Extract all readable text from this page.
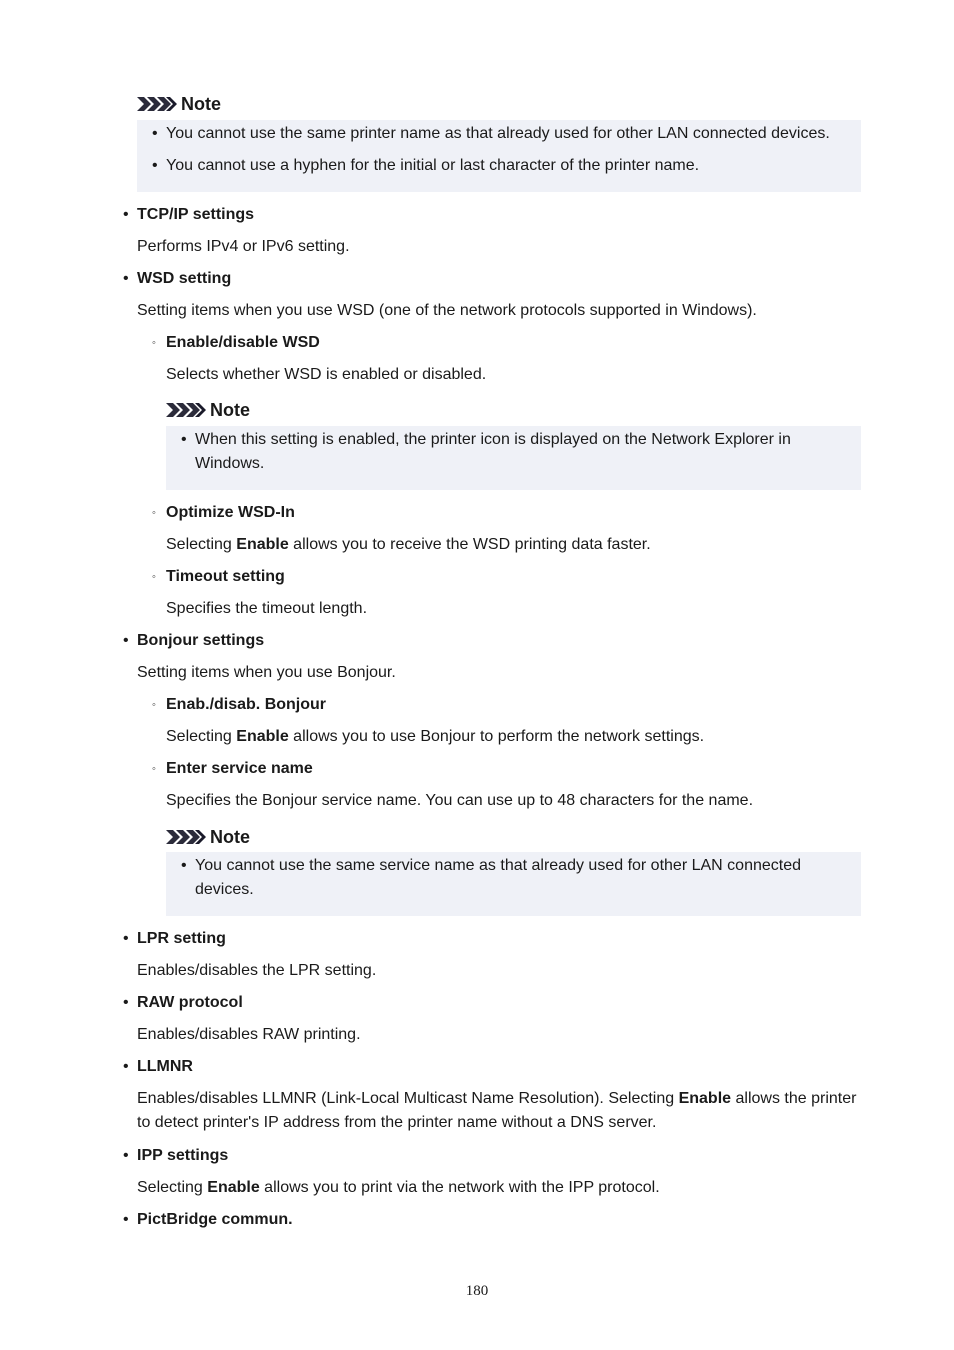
Note
• You cannot use the same printer name as that already used for other LAN connected devices.
• You cannot use a hyphen for the initial or last character of the printer name.
• TCP/IP settings
Performs IPv4 or IPv6 setting.
• WSD setting
Setting items when you use WSD (one of the network protocols supported in Windows).
◦ Enable/disable WSD
Selects whether WSD is enabled or disabled.
Note
• When this setting is enabled, the printer icon is displayed on the Network Explorer in Windows.
◦ Optimize WSD-In
Selecting Enable allows you to receive the WSD printing data faster.
◦ Timeout setting
Specifies the timeout length.
• Bonjour settings
Setting items when you use Bonjour.
◦ Enab./disab. Bonjour
Selecting Enable allows you to use Bonjour to perform the network settings.
◦ Enter service name
Specifies the Bonjour service name. You can use up to 48 characters for the name.
Note
• You cannot use the same service name as that already used for other LAN connected devices.
• LPR setting
Enables/disables the LPR setting.
• RAW protocol
Enables/disables RAW printing.
• LLMNR
Enables/disables LLMNR (Link-Local Multicast Name Resolution). Selecting Enable allows the printer
to detect printer's IP address from the printer name without a DNS server.
• IPP settings
Selecting Enable allows you to print via the network with the IPP protocol.
• PictBridge commun.
180
